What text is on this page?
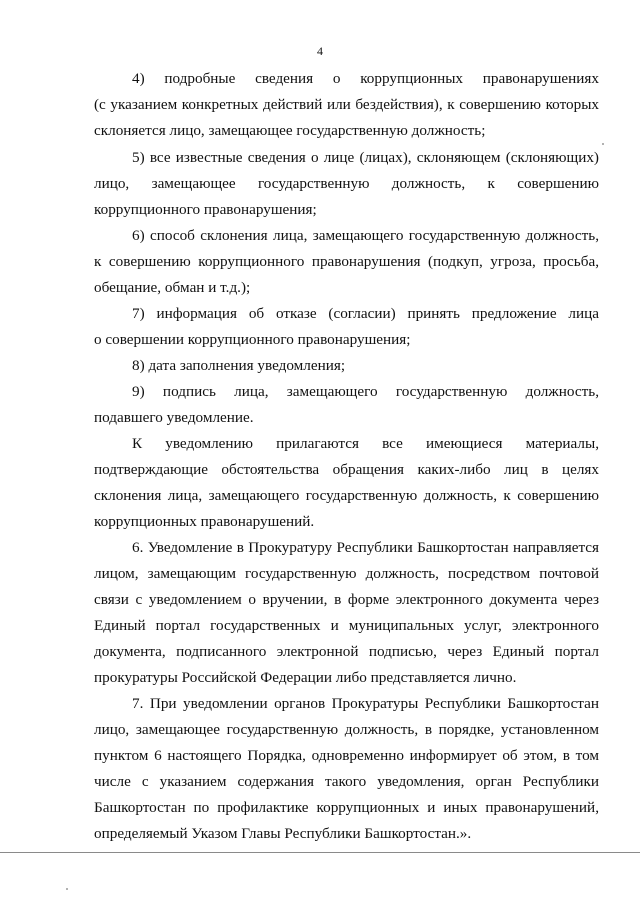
4
4)  подробные  сведения  о  коррупционных  правонарушениях
(с указанием конкретных действий или бездействия), к совершению которых
склоняется лицо, замещающее государственную должность;
5) все известные сведения о лице (лицах), склоняющем (склоняющих)
лицо, замещающее государственную должность, к совершению
коррупционного правонарушения;
6) способ склонения лица, замещающего государственную должность,
к совершению коррупционного правонарушения (подкуп, угроза, просьба,
обещание, обман и т.д.);
7) информация об отказе (согласии) принять предложение лица
о совершении коррупционного правонарушения;
8) дата заполнения уведомления;
9) подпись лица, замещающего государственную должность,
подавшего уведомление.
К уведомлению прилагаются все имеющиеся материалы,
подтверждающие обстоятельства обращения каких-либо лиц в целях
склонения лица, замещающего государственную должность, к совершению
коррупционных правонарушений.
6. Уведомление в Прокуратуру Республики Башкортостан направляется
лицом, замещающим государственную должность, посредством почтовой
связи с уведомлением о вручении, в форме электронного документа через
Единый портал государственных и муниципальных услуг, электронного
документа, подписанного электронной подписью, через Единый портал
прокуратуры Российской Федерации либо представляется лично.
7. При уведомлении органов Прокуратуры Республики Башкортостан
лицо, замещающее государственную должность, в порядке, установленном
пунктом 6 настоящего Порядка, одновременно информирует об этом, в том
числе с указанием содержания такого уведомления, орган Республики
Башкортостан по профилактике коррупционных и иных правонарушений,
определяемый Указом Главы Республики Башкортостан.».
